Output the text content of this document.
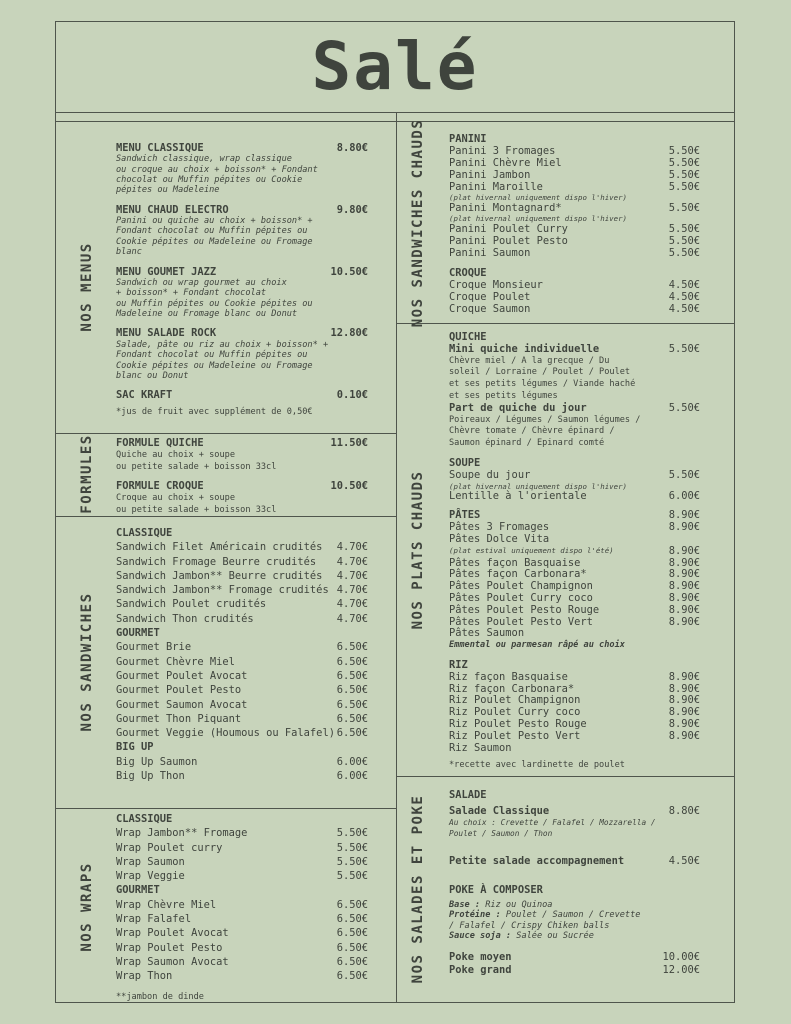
Salé
NOS MENUS
FORMULES
NOS SANDWICHES
NOS WRAPS
NOS SANDWICHES CHAUDS
NOS PLATS CHAUDS
NOS SALADES ET POKE
MENU CLASSIQUE	8.80€
Sandwich classique, wrap classique
ou croque au choix + boisson* + Fondant
chocolat ou Muffin pépites ou Cookie
pépites ou Madeleine
MENU CHAUD ELECTRO	9.80€
Panini ou quiche au choix + boisson* +
Fondant chocolat ou Muffin pépites ou
Cookie pépites ou Madeleine ou Fromage
blanc
MENU GOUMET JAZZ	10.50€
Sandwich ou wrap gourmet au choix
+ boisson* + Fondant chocolat
ou Muffin pépites ou Cookie pépites ou
Madeleine ou Fromage blanc ou Donut
MENU SALADE ROCK	12.80€
Salade, pâte ou riz au choix + boisson* +
Fondant chocolat ou Muffin pépites ou
Cookie pépites ou Madeleine ou Fromage
blanc ou Donut
SAC KRAFT	0.10€
*jus de fruit avec supplément de 0,50€
FORMULE QUICHE	11.50€
Quiche au choix + soupe
ou petite salade + boisson 33cl
FORMULE CROQUE	10.50€
Croque au choix + soupe
ou petite salade + boisson 33cl
CLASSIQUE
Sandwich Filet Américain crudités 4.70€
Sandwich Fromage Beurre crudités 4.70€
Sandwich Jambon** Beurre crudités 4.70€
Sandwich Jambon** Fromage crudités 4.70€
Sandwich Poulet crudités	4.70€
Sandwich Thon crudités	4.70€
GOURMET
Gourmet Brie	6.50€
Gourmet Chèvre Miel	6.50€
Gourmet Poulet Avocat	6.50€
Gourmet Poulet Pesto	6.50€
Gourmet Saumon Avocat	6.50€
Gourmet Thon Piquant	6.50€
Gourmet Veggie (Houmous ou Falafel) 6.50€
BIG UP
Big Up Saumon	6.00€
Big Up Thon	6.00€
CLASSIQUE
Wrap Jambon** Fromage	5.50€
Wrap Poulet curry	5.50€
Wrap Saumon	5.50€
Wrap Veggie	5.50€
GOURMET
Wrap Chèvre Miel	6.50€
Wrap Falafel	6.50€
Wrap Poulet Avocat	6.50€
Wrap Poulet Pesto	6.50€
Wrap Saumon Avocat	6.50€
Wrap Thon	6.50€
**jambon de dinde
PANINI
Panini 3 Fromages	5.50€
Panini Chèvre Miel	5.50€
Panini Jambon	5.50€
Panini Maroille	5.50€
(plat hivernal uniquement dispo l'hiver)
Panini Montagnard*	5.50€
(plat hivernal uniquement dispo l'hiver)
Panini Poulet Curry	5.50€
Panini Poulet Pesto	5.50€
Panini Saumon	5.50€
CROQUE
Croque Monsieur	4.50€
Croque Poulet	4.50€
Croque Saumon	4.50€
QUICHE
Mini quiche individuelle	5.50€
Chèvre miel / A la grecque / Du
soleil / Lorraine / Poulet / Poulet
et ses petits légumes / Viande haché
et ses petits légumes
Part de quiche du jour	5.50€
Poireaux / Légumes / Saumon légumes /
Chèvre tomate / Chèvre épinard /
Saumon épinard / Epinard comté
SOUPE
Soupe du jour	5.50€
(plat hivernal uniquement dispo l'hiver)
Lentille à l'orientale	6.00€
PÂTES	8.90€
Pâtes 3 Fromages	8.90€
Pâtes Dolce Vita
(plat estival uniquement dispo l'été)	8.90€
Pâtes façon Basquaise	8.90€
Pâtes façon Carbonara*	8.90€
Pâtes Poulet Champignon	8.90€
Pâtes Poulet Curry coco	8.90€
Pâtes Poulet Pesto Rouge	8.90€
Pâtes Poulet Pesto Vert	8.90€
Pâtes Saumon
Emmental ou parmesan râpé au choix
RIZ
Riz façon Basquaise	8.90€
Riz façon Carbonara*	8.90€
Riz Poulet Champignon	8.90€
Riz Poulet Curry coco	8.90€
Riz Poulet Pesto Rouge	8.90€
Riz Poulet Pesto Vert	8.90€
Riz Saumon
*recette avec lardinette de poulet
SALADE
Salade Classique	8.80€
Au choix : Crevette / Falafel / Mozzarella /
Poulet / Saumon / Thon
Petite salade accompagnement	4.50€
POKE À COMPOSER
Base : Riz ou Quinoa
Protéine : Poulet / Saumon / Crevette
/ Falafel / Crispy Chiken balls
Sauce soja : Salée ou Sucrée
Poke moyen	10.00€
Poke grand	12.00€
